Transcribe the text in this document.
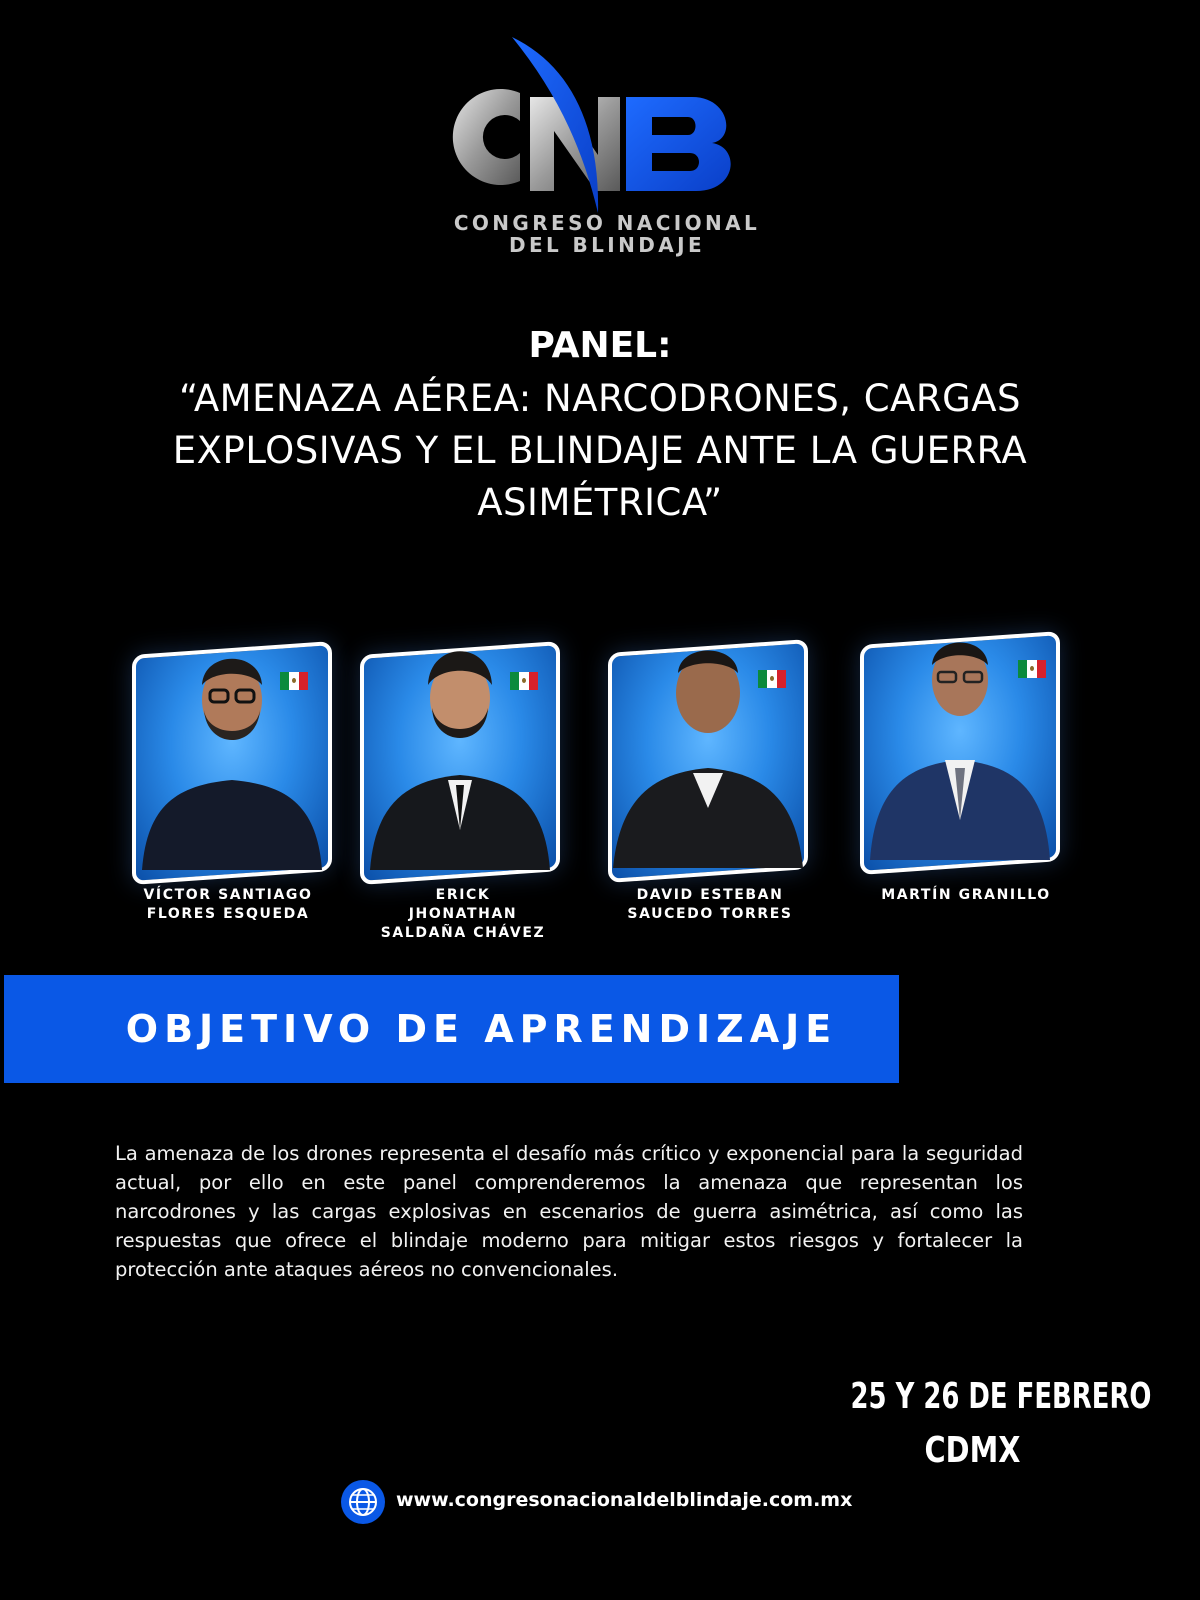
CONGRESO NACIONAL
DEL BLINDAJE
PANEL:
“AMENAZA AÉREA: NARCODRONES, CARGAS EXPLOSIVAS Y EL BLINDAJE ANTE LA GUERRA ASIMÉTRICA”
VÍCTOR SANTIAGO
FLORES ESQUEDA
ERICK
JHONATHAN
SALDAÑA CHÁVEZ
DAVID ESTEBAN
SAUCEDO TORRES
MARTÍN GRANILLO
OBJETIVO DE APRENDIZAJE
La amenaza de los drones representa el desafío más crítico y exponencial para la seguridad actual, por ello en este panel comprenderemos la amenaza que representan los narcodrones y las cargas explosivas en escenarios de guerra asimétrica, así como las respuestas que ofrece el blindaje moderno para mitigar estos riesgos y fortalecer la protección ante ataques aéreos no convencionales.
25 Y 26 DE FEBRERO
CDMX
www.congresonacionaldelblindaje.com.mx
